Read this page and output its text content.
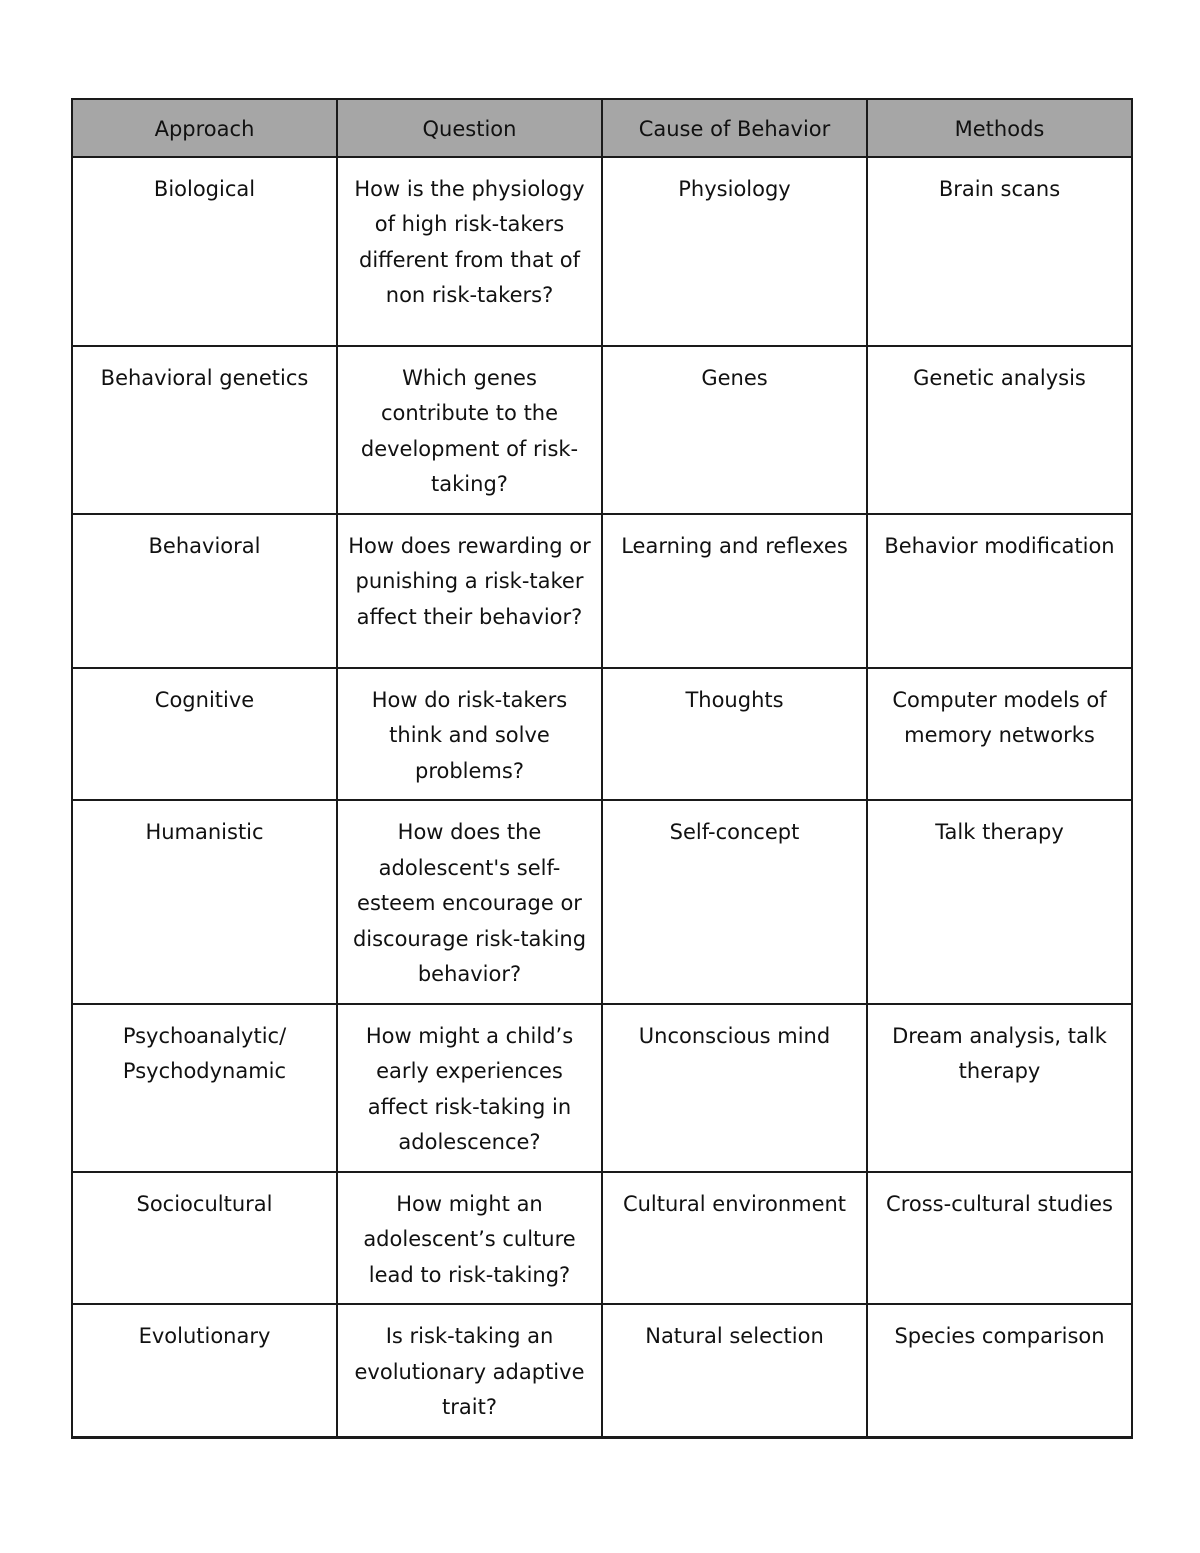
Approach	Question	Cause of Behavior	Methods
Biological	How is the physiology of high risk-takers different from that of non risk-takers?	Physiology	Brain scans
Behavioral genetics	Which genes contribute to the development of risk-taking?	Genes	Genetic analysis
Behavioral	How does rewarding or punishing a risk-taker affect their behavior?	Learning and reflexes	Behavior modification
Cognitive	How do risk-takers think and solve problems?	Thoughts	Computer models of memory networks
Humanistic	How does the adolescent's self-esteem encourage or discourage risk-taking behavior?	Self-concept	Talk therapy
Psychoanalytic/ Psychodynamic	How might a child’s early experiences affect risk-taking in adolescence?	Unconscious mind	Dream analysis, talk therapy
Sociocultural	How might an adolescent’s culture lead to risk-taking?	Cultural environment	Cross-cultural studies
Evolutionary	Is risk-taking an evolutionary adaptive trait?	Natural selection	Species comparison
